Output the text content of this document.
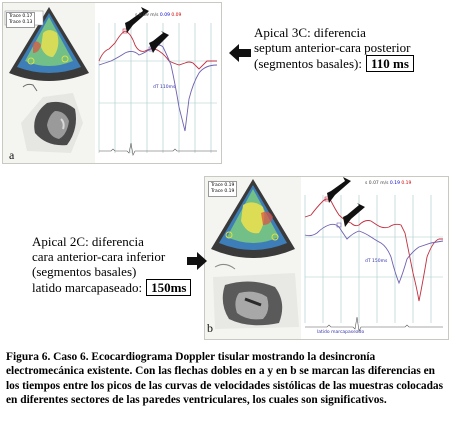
Trace 0.17
Trace 0.13
s 0.09 m/s 0.09 0.09
dT 110ms
a
Apical 3C: diferencia
septum anterior-cara posterior
(segmentos basales): 110 ms
Trace 0.19
Trace 0.19
s 0.07 m/s 0.19 0.19
dT 150ms
latido marcapaseado
b
Apical 2C: diferencia
cara anterior-cara inferior
(segmentos basales)
latido marcapaseado: 150ms
Figura 6. Caso 6. Ecocardiograma Doppler tisular mostrando la desincronía electromecánica existente. Con las flechas dobles en a y en b se marcan las diferencias en los tiempos entre los picos de las curvas de velocidades sistólicas de las muestras colocadas en diferentes sectores de las paredes ventriculares, los cuales son significativos.
